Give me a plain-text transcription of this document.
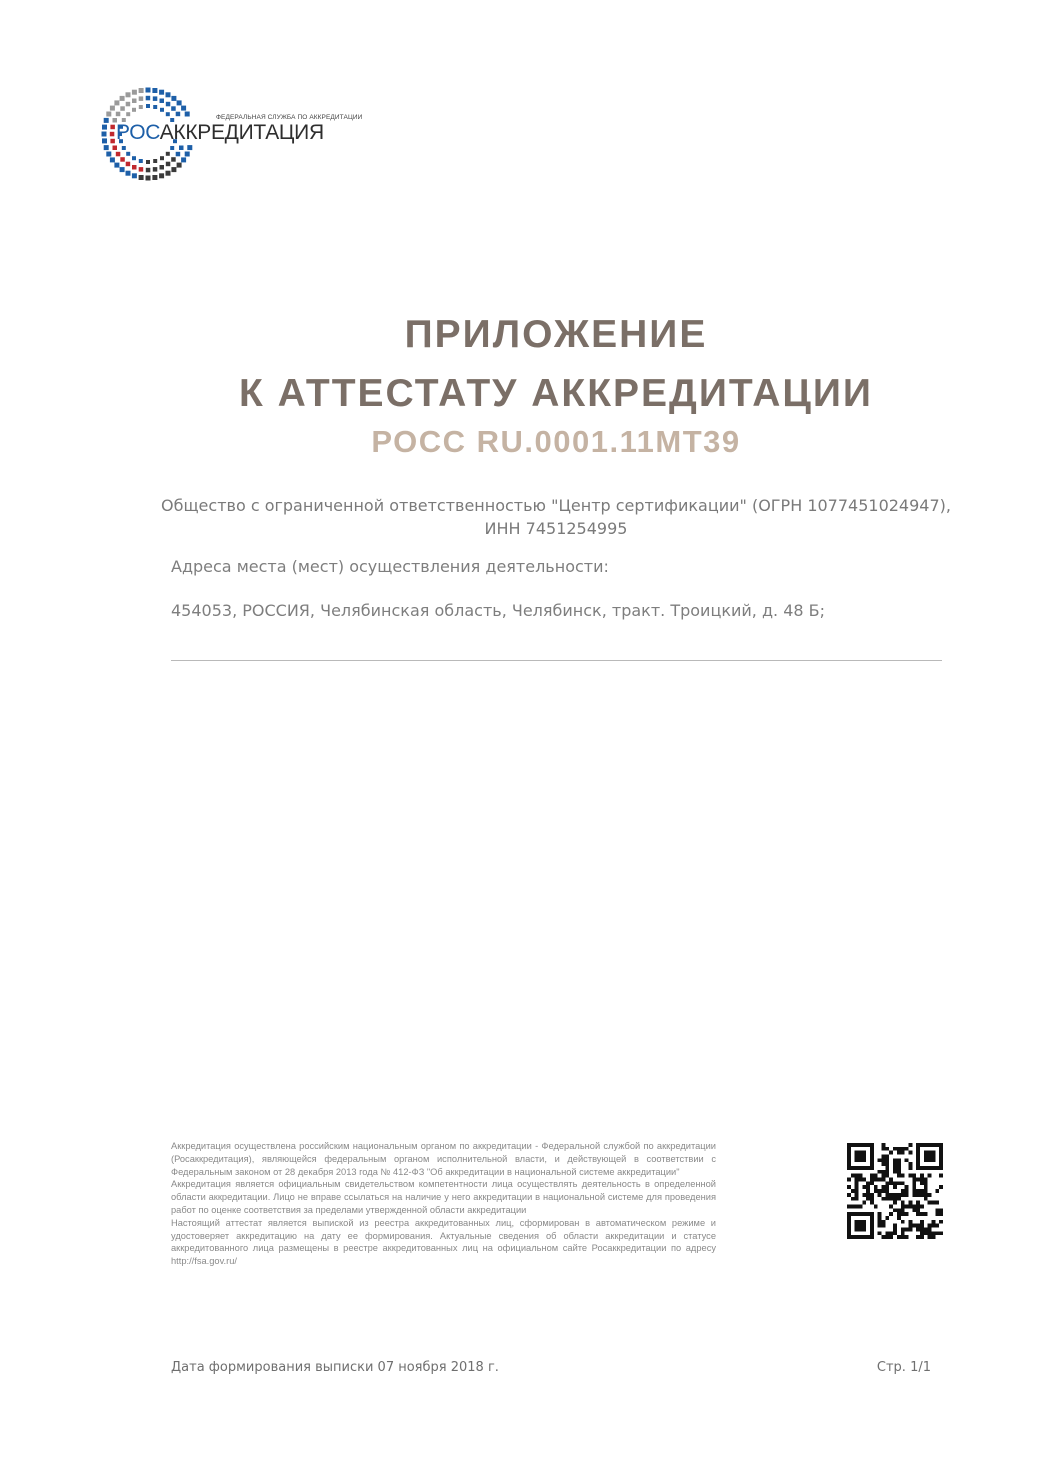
ФЕДЕРАЛЬНАЯ СЛУЖБА ПО АККРЕДИТАЦИИ
РОСАККРЕДИТАЦИЯ
ПРИЛОЖЕНИЕ
К АТТЕСТАТУ АККРЕДИТАЦИИ
РОСС RU.0001.11МТ39
Общество с ограниченной ответственностью "Центр сертификации" (ОГРН 1077451024947),
ИНН 7451254995
Адреса места (мест) осуществления деятельности:
454053, РОССИЯ, Челябинская область, Челябинск, тракт. Троицкий, д. 48 Б;

Аккредитация осуществлена российским национальным органом по аккредитации - Федеральной службой по аккредитации (Росаккредитация), являющейся федеральным органом исполнительной власти, и действующей в соответствии с Федеральным законом от 28 декабря 2013 года № 412-ФЗ "Об аккредитации в национальной системе аккредитации"

Аккредитация является официальным свидетельством компетентности лица осуществлять деятельность в определенной области аккредитации. Лицо не вправе ссылаться на наличие у него аккредитации в национальной системе для проведения работ по оценке соответствия за пределами утвержденной области аккредитации

Настоящий аттестат является выпиской из реестра аккредитованных лиц, сформирован в автоматическом режиме и удостоверяет аккредитацию на дату ее формирования. Актуальные сведения об области аккредитации и статусе аккредитованного лица размещены в реестре аккредитованных лиц на официальном сайте Росаккредитации по адресу http://fsa.gov.ru/

Дата формирования выписки 07 ноября 2018 г.	Стр. 1/1
